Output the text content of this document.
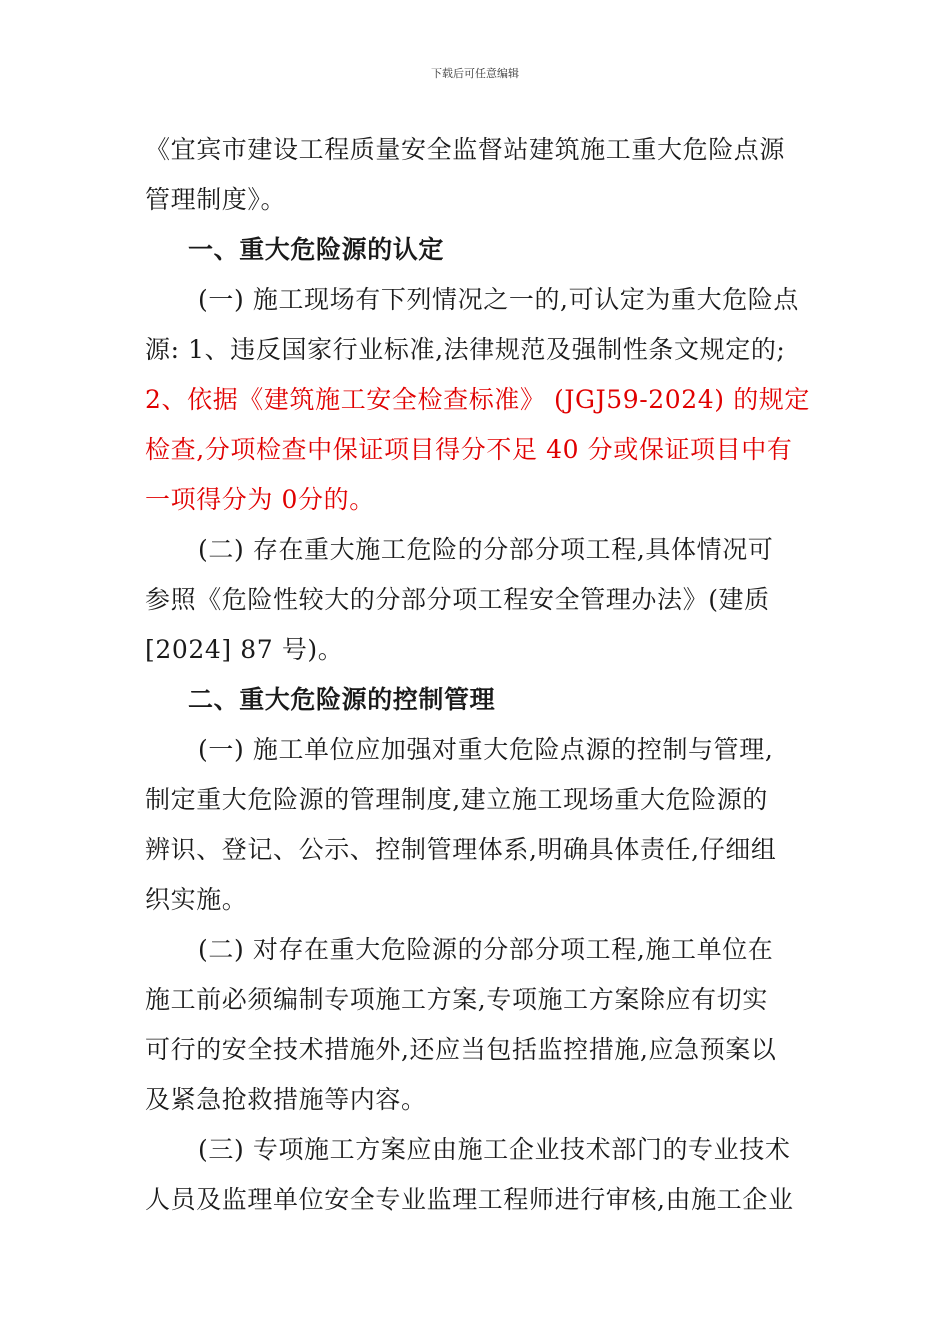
下载后可任意编辑
《宜宾市建设工程质量安全监督站建筑施工重大危险点源
管理制度》。
一、重大危险源的认定
(一) 施工现场有下列情况之一的,可认定为重大危险点
源: 1、违反国家行业标准,法律规范及强制性条文规定的;
2、依据《建筑施工安全检查标准》 (JGJ59-2024) 的规定
检查,分项检查中保证项目得分不足 40 分或保证项目中有
一项得分为 0分的。
(二) 存在重大施工危险的分部分项工程,具体情况可
参照《危险性较大的分部分项工程安全管理办法》(建质
[2024] 87 号)。
二、重大危险源的控制管理
(一) 施工单位应加强对重大危险点源的控制与管理,
制定重大危险源的管理制度,建立施工现场重大危险源的
辨识、登记、公示、控制管理体系,明确具体责任,仔细组
织实施。
(二) 对存在重大危险源的分部分项工程,施工单位在
施工前必须编制专项施工方案,专项施工方案除应有切实
可行的安全技术措施外,还应当包括监控措施,应急预案以
及紧急抢救措施等内容。
(三) 专项施工方案应由施工企业技术部门的专业技术
人员及监理单位安全专业监理工程师进行审核,由施工企业
